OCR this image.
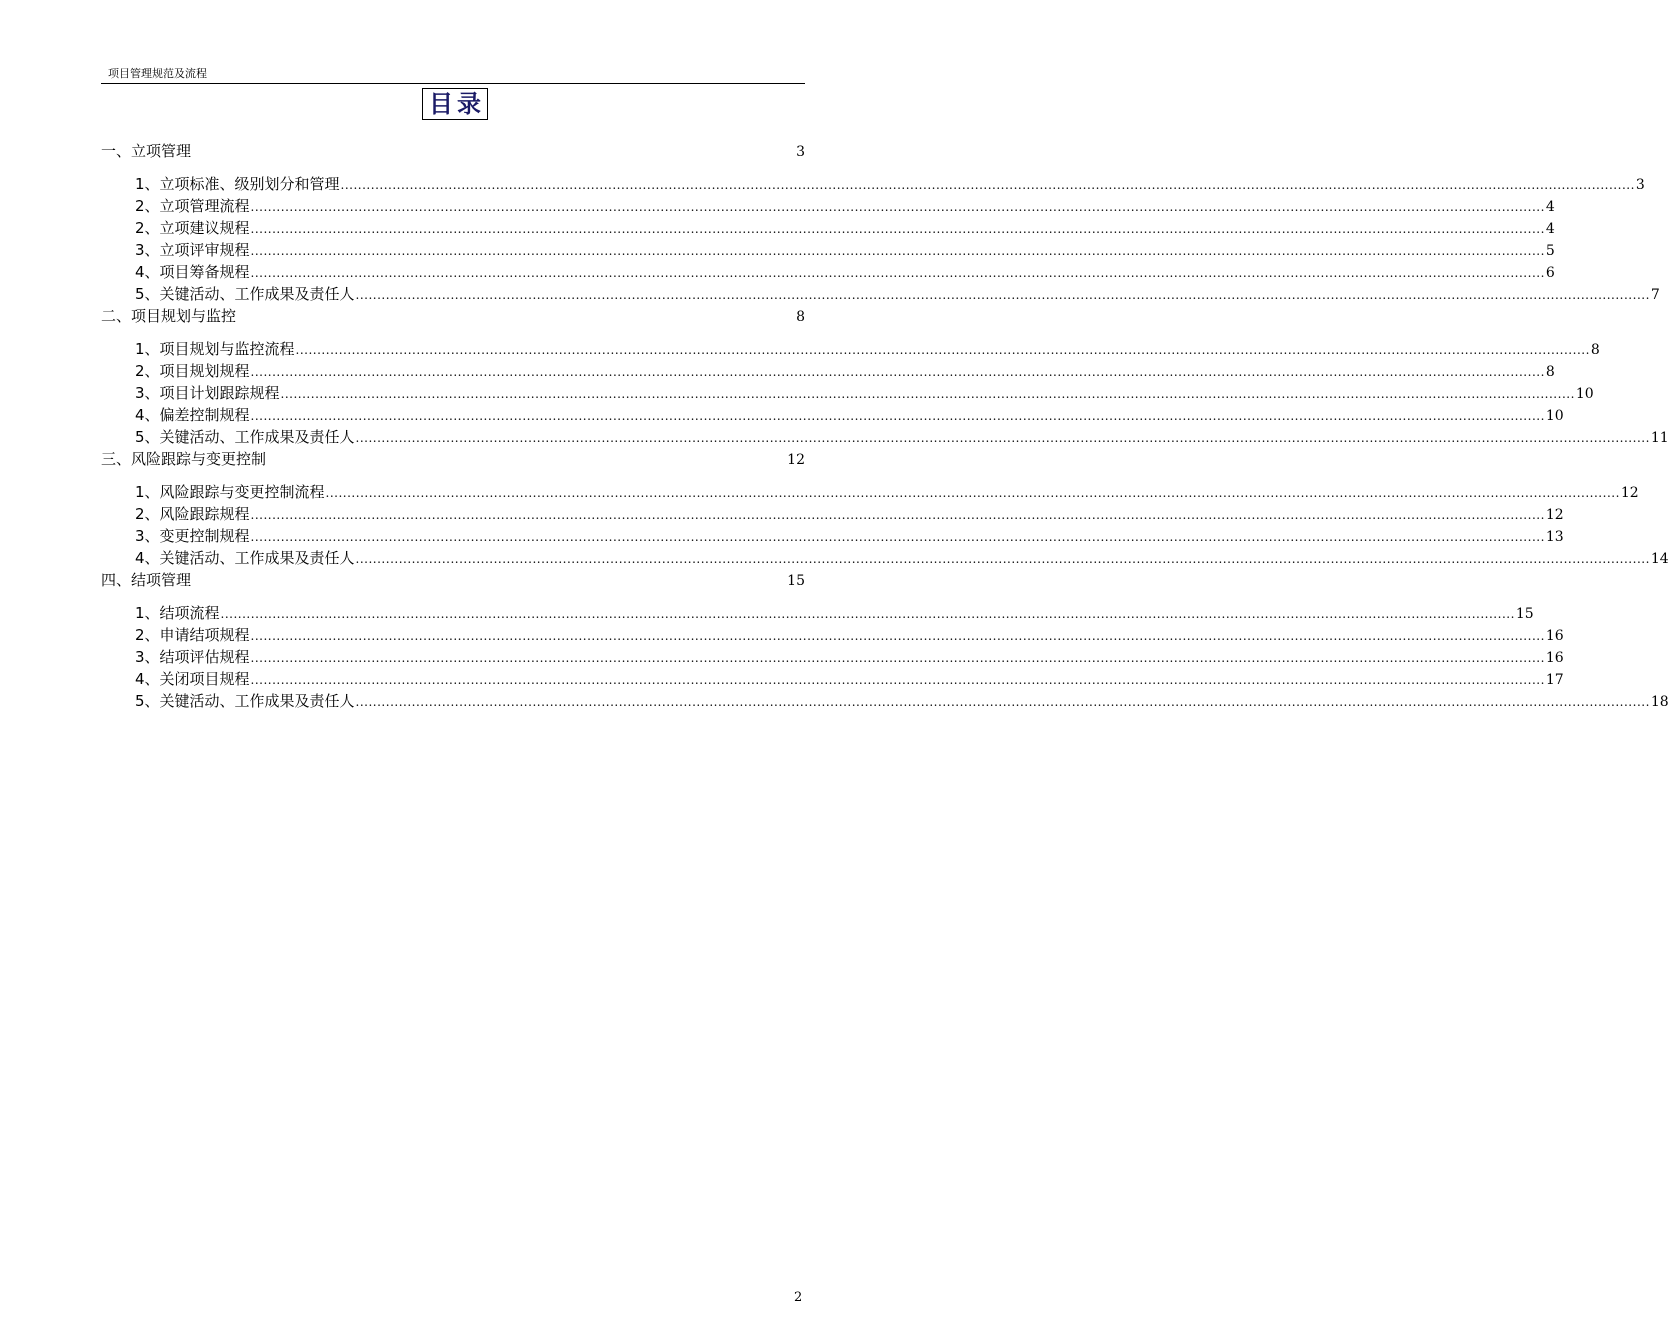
项目管理规范及流程
目录
一、立项管理	3
1、立项标准、级别划分和管理 ............................................................................................................................................................................................................................................................................................................ 3
2、立项管理流程 ............................................................................................................................................................................................................................................................................................................ 4
2、立项建议规程 ............................................................................................................................................................................................................................................................................................................ 4
3、立项评审规程 ............................................................................................................................................................................................................................................................................................................ 5
4、项目筹备规程 ............................................................................................................................................................................................................................................................................................................ 6
5、关键活动、工作成果及责任人 ............................................................................................................................................................................................................................................................................................................ 7
二、项目规划与监控	8
1、项目规划与监控流程 ............................................................................................................................................................................................................................................................................................................ 8
2、项目规划规程 ............................................................................................................................................................................................................................................................................................................ 8
3、项目计划跟踪规程 ............................................................................................................................................................................................................................................................................................................ 10
4、偏差控制规程 ............................................................................................................................................................................................................................................................................................................ 10
5、关键活动、工作成果及责任人 ............................................................................................................................................................................................................................................................................................................ 11
三、风险跟踪与变更控制	12
1、风险跟踪与变更控制流程 ............................................................................................................................................................................................................................................................................................................ 12
2、风险跟踪规程 ............................................................................................................................................................................................................................................................................................................ 12
3、变更控制规程 ............................................................................................................................................................................................................................................................................................................ 13
4、关键活动、工作成果及责任人 ............................................................................................................................................................................................................................................................................................................ 14
四、结项管理	15
1、结项流程 ............................................................................................................................................................................................................................................................................................................ 15
2、申请结项规程 ............................................................................................................................................................................................................................................................................................................ 16
3、结项评估规程 ............................................................................................................................................................................................................................................................................................................ 16
4、关闭项目规程 ............................................................................................................................................................................................................................................................................................................ 17
5、关键活动、工作成果及责任人 ............................................................................................................................................................................................................................................................................................................ 18
2
